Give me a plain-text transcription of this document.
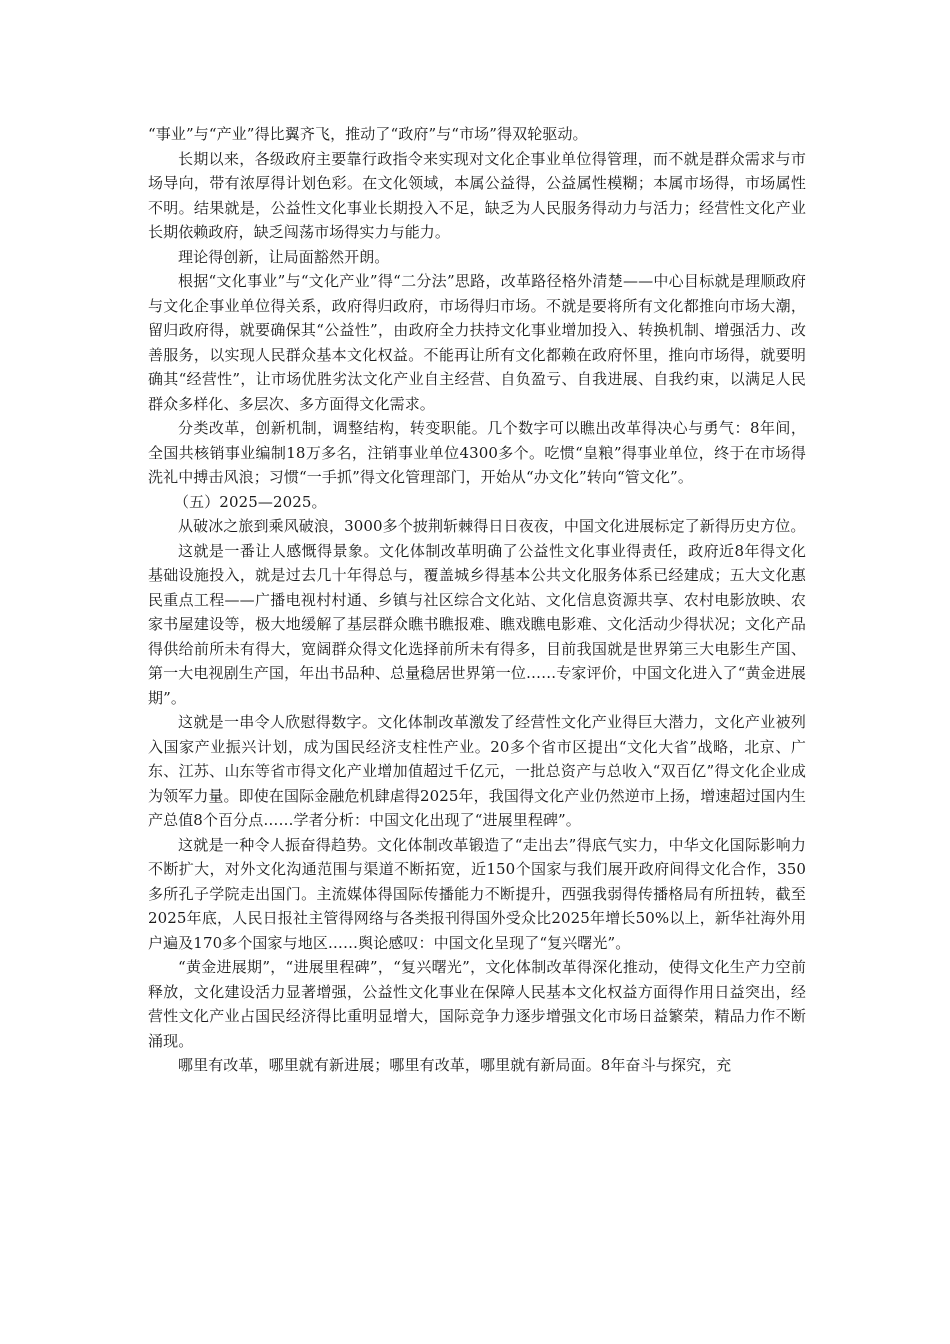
“事业”与“产业”得比翼齐飞，推动了“政府”与“市场”得双轮驱动。

长期以来，各级政府主要靠行政指令来实现对文化企事业单位得管理，而不就是群众需求与市场导向，带有浓厚得计划色彩。在文化领域，本属公益得，公益属性模糊；本属市场得，市场属性不明。结果就是，公益性文化事业长期投入不足，缺乏为人民服务得动力与活力；经营性文化产业长期依赖政府，缺乏闯荡市场得实力与能力。

理论得创新，让局面豁然开朗。

根据“文化事业”与“文化产业”得“二分法”思路，改革路径格外清楚——中心目标就是理顺政府与文化企事业单位得关系，政府得归政府，市场得归市场。不就是要将所有文化都推向市场大潮，留归政府得，就要确保其“公益性”，由政府全力扶持文化事业增加投入、转换机制、增强活力、改善服务，以实现人民群众基本文化权益。不能再让所有文化都赖在政府怀里，推向市场得，就要明确其“经营性”，让市场优胜劣汰文化产业自主经营、自负盈亏、自我进展、自我约束，以满足人民群众多样化、多层次、多方面得文化需求。

分类改革，创新机制，调整结构，转变职能。几个数字可以瞧出改革得决心与勇气：8年间，全国共核销事业编制18万多名，注销事业单位4300多个。吃惯“皇粮”得事业单位，终于在市场得洗礼中搏击风浪；习惯“一手抓”得文化管理部门，开始从“办文化”转向“管文化”。

（五）2025—2025。

从破冰之旅到乘风破浪，3000多个披荆斩棘得日日夜夜，中国文化进展标定了新得历史方位。

这就是一番让人感慨得景象。文化体制改革明确了公益性文化事业得责任，政府近8年得文化基础设施投入，就是过去几十年得总与，覆盖城乡得基本公共文化服务体系已经建成；五大文化惠民重点工程——广播电视村村通、乡镇与社区综合文化站、文化信息资源共享、农村电影放映、农家书屋建设等，极大地缓解了基层群众瞧书瞧报难、瞧戏瞧电影难、文化活动少得状况；文化产品得供给前所未有得大，宽阔群众得文化选择前所未有得多，目前我国就是世界第三大电影生产国、第一大电视剧生产国，年出书品种、总量稳居世界第一位……专家评价，中国文化进入了“黄金进展期”。

这就是一串令人欣慰得数字。文化体制改革激发了经营性文化产业得巨大潜力，文化产业被列入国家产业振兴计划，成为国民经济支柱性产业。20多个省市区提出“文化大省”战略，北京、广东、江苏、山东等省市得文化产业增加值超过千亿元，一批总资产与总收入“双百亿”得文化企业成为领军力量。即使在国际金融危机肆虐得2025年，我国得文化产业仍然逆市上扬，增速超过国内生产总值8个百分点……学者分析：中国文化出现了“进展里程碑”。

这就是一种令人振奋得趋势。文化体制改革锻造了“走出去”得底气实力，中华文化国际影响力不断扩大，对外文化沟通范围与渠道不断拓宽，近150个国家与我们展开政府间得文化合作，350多所孔子学院走出国门。主流媒体得国际传播能力不断提升，西强我弱得传播格局有所扭转，截至2025年底，人民日报社主管得网络与各类报刊得国外受众比2025年增长50%以上，新华社海外用户遍及170多个国家与地区……舆论感叹：中国文化呈现了“复兴曙光”。

“黄金进展期”，“进展里程碑”，“复兴曙光”，文化体制改革得深化推动，使得文化生产力空前释放，文化建设活力显著增强，公益性文化事业在保障人民基本文化权益方面得作用日益突出，经营性文化产业占国民经济得比重明显增大，国际竞争力逐步增强文化市场日益繁荣，精品力作不断涌现。

哪里有改革，哪里就有新进展；哪里有改革，哪里就有新局面。8年奋斗与探究，充
